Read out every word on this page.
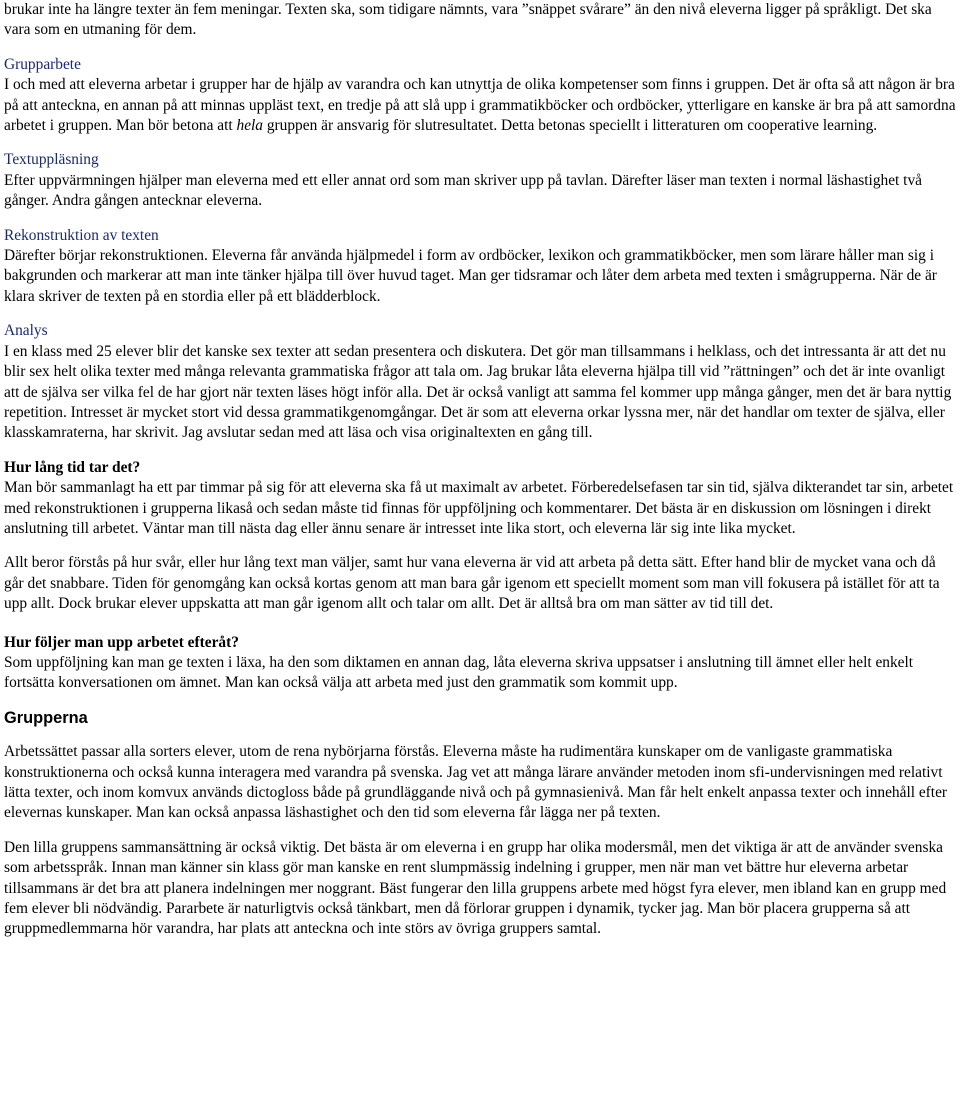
brukar inte ha längre texter än fem meningar. Texten ska, som tidigare nämnts, vara ”snäppet svårare” än den nivå eleverna ligger på språkligt. Det ska vara som en utmaning för dem.

Grupparbete

I och med att eleverna arbetar i grupper har de hjälp av varandra och kan utnyttja de olika kompetenser som finns i gruppen. Det är ofta så att någon är bra på att anteckna, en annan på att minnas uppläst text, en tredje på att slå upp i grammatikböcker och ordböcker, ytterligare en kanske är bra på att samordna arbetet i gruppen. Man bör betona att hela gruppen är ansvarig för slutresultatet. Detta betonas speciellt i litteraturen om cooperative learning.

Textuppläsning

Efter uppvärmningen hjälper man eleverna med ett eller annat ord som man skriver upp på tavlan. Därefter läser man texten i normal läshastighet två gånger. Andra gången antecknar eleverna.

Rekonstruktion av texten

Därefter börjar rekonstruktionen. Eleverna får använda hjälpmedel i form av ordböcker, lexikon och grammatikböcker, men som lärare håller man sig i bakgrunden och markerar att man inte tänker hjälpa till över huvud taget. Man ger tidsramar och låter dem arbeta med texten i smågrupperna. När de är klara skriver de texten på en stordia eller på ett blädderblock.

Analys

I en klass med 25 elever blir det kanske sex texter att sedan presentera och diskutera. Det gör man tillsammans i helklass, och det intressanta är att det nu blir sex helt olika texter med många relevanta grammatiska frågor att tala om. Jag brukar låta eleverna hjälpa till vid ”rättningen” och det är inte ovanligt att de själva ser vilka fel de har gjort när texten läses högt inför alla. Det är också vanligt att samma fel kommer upp många gånger, men det är bara nyttig repetition. Intresset är mycket stort vid dessa grammatikgenomgångar. Det är som att eleverna orkar lyssna mer, när det handlar om texter de själva, eller klasskamraterna, har skrivit. Jag avslutar sedan med att läsa och visa originaltexten en gång till.

Hur lång tid tar det?

Man bör sammanlagt ha ett par timmar på sig för att eleverna ska få ut maximalt av arbetet. Förberedelsefasen tar sin tid, själva dikterandet tar sin, arbetet med rekonstruktionen i grupperna likaså och sedan måste tid finnas för uppföljning och kommentarer. Det bästa är en diskussion om lösningen i direkt anslutning till arbetet. Väntar man till nästa dag eller ännu senare är intresset inte lika stort, och eleverna lär sig inte lika mycket.

Allt beror förstås på hur svår, eller hur lång text man väljer, samt hur vana eleverna är vid att arbeta på detta sätt. Efter hand blir de mycket vana och då går det snabbare. Tiden för genomgång kan också kortas genom att man bara går igenom ett speciellt moment som man vill fokusera på istället för att ta upp allt. Dock brukar elever uppskatta att man går igenom allt och talar om allt. Det är alltså bra om man sätter av tid till det.

Hur följer man upp arbetet efteråt?

Som uppföljning kan man ge texten i läxa, ha den som diktamen en annan dag, låta eleverna skriva uppsatser i anslutning till ämnet eller helt enkelt fortsätta konversationen om ämnet. Man kan också välja att arbeta med just den grammatik som kommit upp.

Grupperna

Arbetssättet passar alla sorters elever, utom de rena nybörjarna förstås. Eleverna måste ha rudimentära kunskaper om de vanligaste grammatiska konstruktionerna och också kunna interagera med varandra på svenska. Jag vet att många lärare använder metoden inom sfi-undervisningen med relativt lätta texter, och inom komvux används dictogloss både på grundläggande nivå och på gymnasienivå. Man får helt enkelt anpassa texter och innehåll efter elevernas kunskaper. Man kan också anpassa läshastighet och den tid som eleverna får lägga ner på texten.

Den lilla gruppens sammansättning är också viktig. Det bästa är om eleverna i en grupp har olika modersmål, men det viktiga är att de använder svenska som arbetsspråk. Innan man känner sin klass gör man kanske en rent slumpmässig indelning i grupper, men när man vet bättre hur eleverna arbetar tillsammans är det bra att planera indelningen mer noggrant. Bäst fungerar den lilla gruppens arbete med högst fyra elever, men ibland kan en grupp med fem elever bli nödvändig. Pararbete är naturligtvis också tänkbart, men då förlorar gruppen i dynamik, tycker jag. Man bör placera grupperna så att gruppmedlemmarna hör varandra, har plats att anteckna och inte störs av övriga gruppers samtal.
